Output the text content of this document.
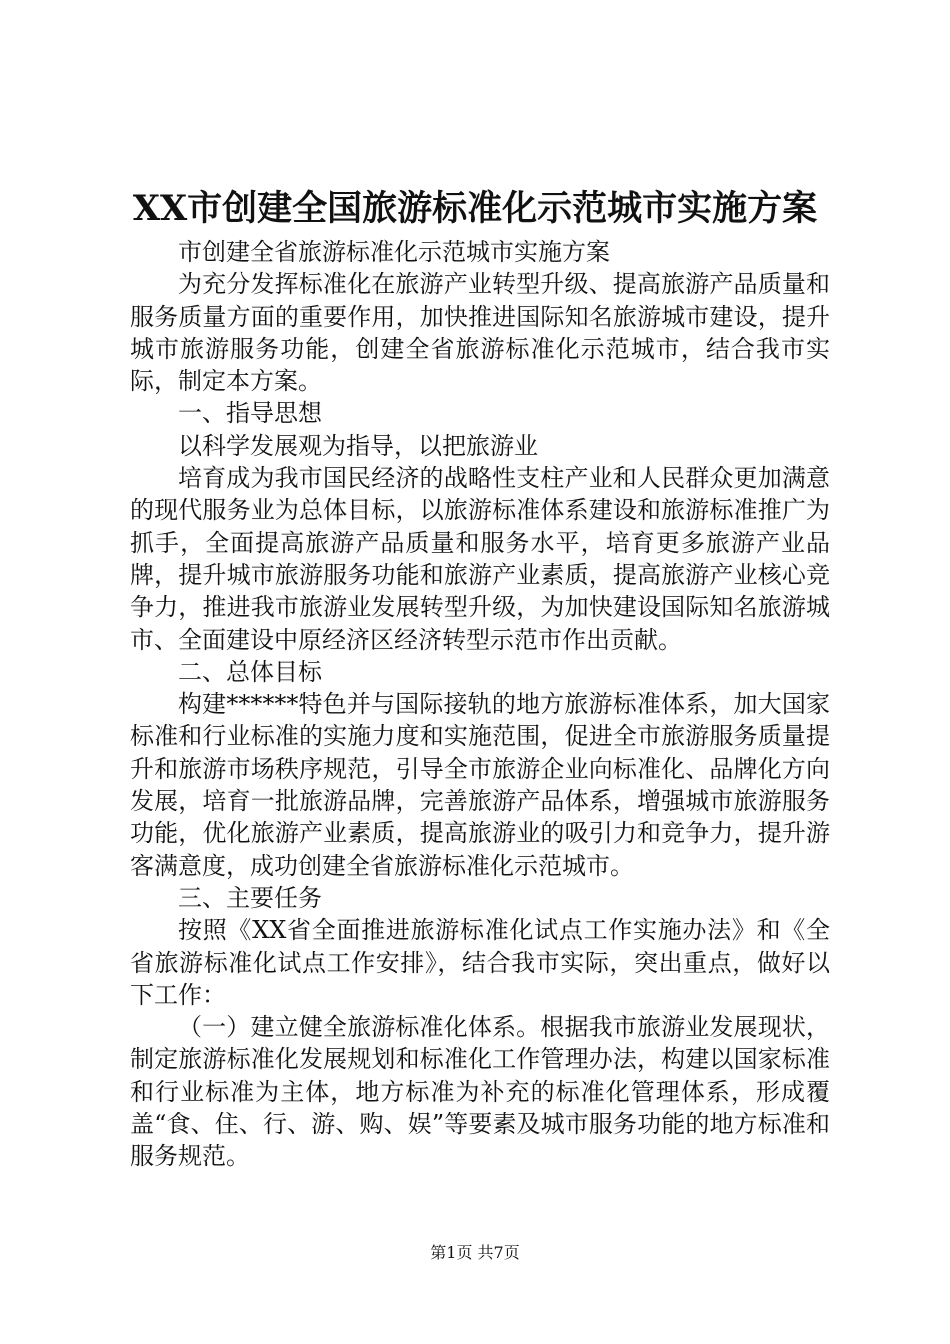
XX市创建全国旅游标准化示范城市实施方案

市创建全省旅游标准化示范城市实施方案

为充分发挥标准化在旅游产业转型升级、提高旅游产品质量和服务质量方面的重要作用，加快推进国际知名旅游城市建设，提升城市旅游服务功能，创建全省旅游标准化示范城市，结合我市实际，制定本方案。

一、指导思想

以科学发展观为指导，以把旅游业

培育成为我市国民经济的战略性支柱产业和人民群众更加满意的现代服务业为总体目标，以旅游标准体系建设和旅游标准推广为抓手，全面提高旅游产品质量和服务水平，培育更多旅游产业品牌，提升城市旅游服务功能和旅游产业素质，提高旅游产业核心竞争力，推进我市旅游业发展转型升级，为加快建设国际知名旅游城市、全面建设中原经济区经济转型示范市作出贡献。

二、总体目标

构建******特色并与国际接轨的地方旅游标准体系，加大国家标准和行业标准的实施力度和实施范围，促进全市旅游服务质量提升和旅游市场秩序规范，引导全市旅游企业向标准化、品牌化方向发展，培育一批旅游品牌，完善旅游产品体系，增强城市旅游服务功能，优化旅游产业素质，提高旅游业的吸引力和竞争力，提升游客满意度，成功创建全省旅游标准化示范城市。

三、主要任务

按照《XX省全面推进旅游标准化试点工作实施办法》和《全省旅游标准化试点工作安排》，结合我市实际，突出重点，做好以下工作：

（一）建立健全旅游标准化体系。根据我市旅游业发展现状，制定旅游标准化发展规划和标准化工作管理办法，构建以国家标准和行业标准为主体，地方标准为补充的标准化管理体系，形成覆盖“食、住、行、游、购、娱”等要素及城市服务功能的地方标准和服务规范。

第1页 共7页
